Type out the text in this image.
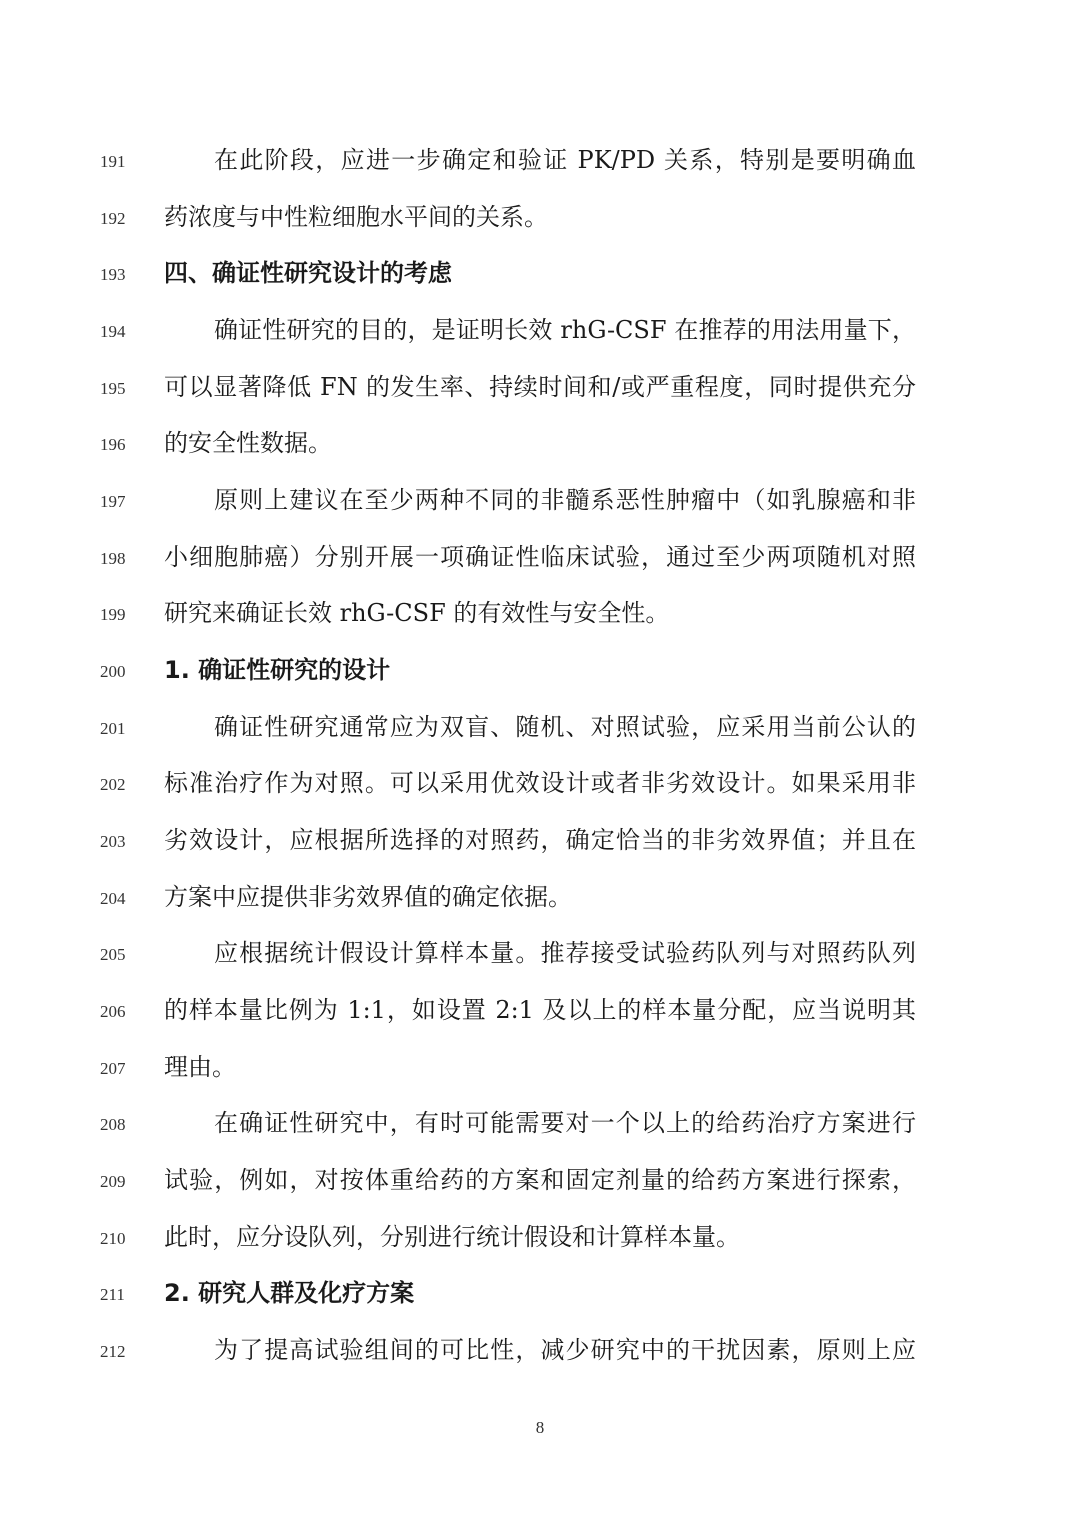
191	在此阶段，应进一步确定和验证 PK/PD 关系，特别是要明确血
192	药浓度与中性粒细胞水平间的关系。
193	四、确证性研究设计的考虑
194	确证性研究的目的，是证明长效 rhG-CSF 在推荐的用法用量下，
195	可以显著降低 FN 的发生率、持续时间和/或严重程度，同时提供充分
196	的安全性数据。
197	原则上建议在至少两种不同的非髓系恶性肿瘤中（如乳腺癌和非
198	小细胞肺癌）分别开展一项确证性临床试验，通过至少两项随机对照
199	研究来确证长效 rhG-CSF 的有效性与安全性。
200	1. 确证性研究的设计
201	确证性研究通常应为双盲、随机、对照试验，应采用当前公认的
202	标准治疗作为对照。可以采用优效设计或者非劣效设计。如果采用非
203	劣效设计，应根据所选择的对照药，确定恰当的非劣效界值；并且在
204	方案中应提供非劣效界值的确定依据。
205	应根据统计假设计算样本量。推荐接受试验药队列与对照药队列
206	的样本量比例为 1:1，如设置 2:1 及以上的样本量分配，应当说明其
207	理由。
208	在确证性研究中，有时可能需要对一个以上的给药治疗方案进行
209	试验，例如，对按体重给药的方案和固定剂量的给药方案进行探索，
210	此时，应分设队列，分别进行统计假设和计算样本量。
211	2. 研究人群及化疗方案
212	为了提高试验组间的可比性，减少研究中的干扰因素，原则上应
8
